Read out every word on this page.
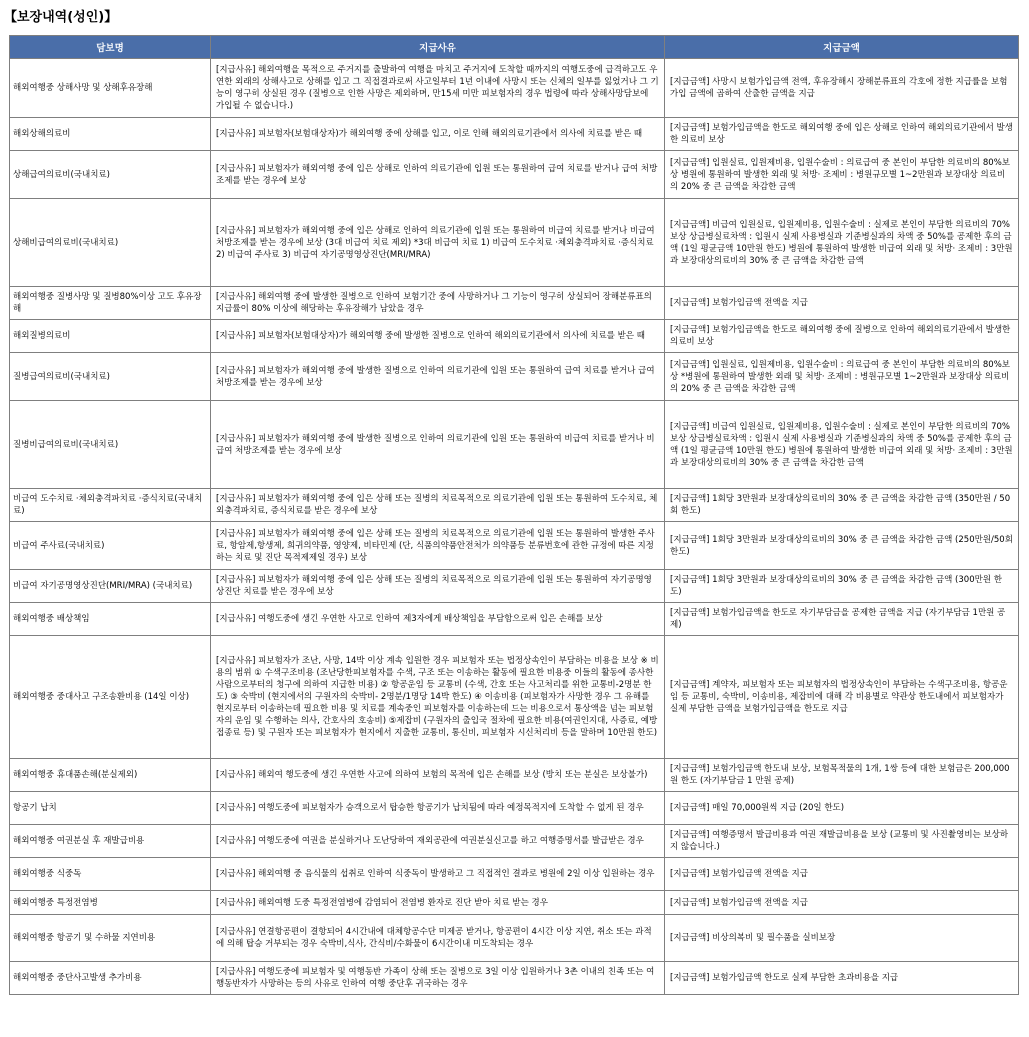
【보장내역(성인)】
담보명	지급사유	지급금액
해외여행중 상해사망 및 상해후유장해	[지급사유] 해외여행을 목적으로 주거지를 출발하여 여행을 마치고 주거지에 도착할 때까지의 여행도중에 급격하고도 우연한 외래의 상해사고로 상해를 입고 그 직접결과로써 사고일부터 1년 이내에 사망시 또는 신체의 일부를 잃었거나 그 기능이 영구히 상실된 경우 (질병으로 인한 사망은 제외하며, 만15세 미만 피보험자의 경우 법령에 따라 상해사망담보에 가입될 수 없습니다.)	[지급금액] 사망시 보험가입금액 전액, 후유장해시 장해분류표의 각호에 정한 지급률을 보험가입 금액에 곱하여 산출한 금액을 지급
해외상해의료비	[지급사유] 피보험자(보험대상자)가 해외여행 중에 상해를 입고, 이로 인해 해외의료기관에서 의사에 치료를 받은 때	[지급금액] 보험가입금액을 한도로 해외여행 중에 입은 상해로 인하여 해외의료기관에서 발생한 의료비 보상
상해급여의료비(국내치료)	[지급사유] 피보험자가 해외여행 중에 입은 상해로 인하여 의료기관에 입원 또는 통원하여 급여 치료를 받거나 급여 처방조제를 받는 경우에 보상	[지급금액] 입원실료, 입원제비용, 입원수술비 : 의료급여 중 본인이 부담한 의료비의 80%보상 병원에 통원하여 발생한 외래 및 처방· 조제비 : 병원규모별 1~2만원과 보장대상 의료비의 20% 중 큰 금액을 차감한 금액
상해비급여의료비(국내치료)	[지급사유] 피보험자가 해외여행 중에 입은 상해로 인하여 의료기관에 입원 또는 통원하여 비급여 치료를 받거나 비급여 처방조제를 받는 경우에 보상 (3대 비급여 치료 제외) *3대 비급여 치료 1) 비급여 도수치료 ·체외충격파치료 ·증식치료 2) 비급여 주사료 3) 비급여 자기공명영상진단(MRI/MRA)	[지급금액] 비급여 입원실료, 입원제비용, 입원수술비 : 실제로 본인이 부담한 의료비의 70%보상 상급병실료차액 : 입원시 실제 사용병실과 기준병실과의 차액 중 50%를 공제한 후의 금액 (1일 평균금액 10만원 한도) 병원에 통원하여 발생한 비급여 외래 및 처방· 조제비 : 3만원과 보장대상의료비의 30% 중 큰 금액을 차감한 금액
해외여행중 질병사망 및 질병80%이상 고도 후유장해	[지급사유] 해외여행 중에 발생한 질병으로 인하여 보험기간 중에 사망하거나 그 기능이 영구히 상실되어 장해분류표의 지급률이 80% 이상에 해당하는 후유장해가 남았을 경우	[지급금액] 보험가입금액 전액을 지급
해외질병의료비	[지급사유] 피보험자(보험대상자)가 해외여행 중에 발생한 질병으로 인하여 해외의료기관에서 의사에 치료를 받은 때	[지급금액] 보험가입금액을 한도로 해외여행 중에 질병으로 인하여 해외의료기관에서 발생한 의료비 보상
질병급여의료비(국내치료)	[지급사유] 피보험자가 해외여행 중에 발생한 질병으로 인하여 의료기관에 입원 또는 통원하여 급여 치료를 받거나 급여 처방조제를 받는 경우에 보상	[지급금액] 입원실료, 입원제비용, 입원수술비 : 의료급여 중 본인이 부담한 의료비의 80%보상 *병원에 통원하여 발생한 외래 및 처방· 조제비 : 병원규모별 1~2만원과 보장대상 의료비의 20% 중 큰 금액을 차감한 금액
질병비급여의료비(국내치료)	[지급사유] 피보험자가 해외여행 중에 발생한 질병으로 인하여 의료기관에 입원 또는 통원하여 비급여 치료를 받거나 비급여 처방조제를 받는 경우에 보상	[지급금액] 비급여 입원실료, 입원제비용, 입원수술비 : 실제로 본인이 부담한 의료비의 70%보상 상급병실료차액 : 입원시 실제 사용병실과 기준병실과의 차액 중 50%를 공제한 후의 금액 (1일 평균금액 10만원 한도) 병원에 통원하여 발생한 비급여 외래 및 처방· 조제비 : 3만원과 보장대상의료비의 30% 중 큰 금액을 차감한 금액
비급여 도수치료 ·체외충격파치료 ·증식치료(국내치료)	[지급사유] 피보험자가 해외여행 중에 입은 상해 또는 질병의 치료목적으로 의료기관에 입원 또는 통원하여 도수치료, 체외충격파치료, 증식치료를 받은 경우에 보상	[지급금액] 1회당 3만원과 보장대상의료비의 30% 중 큰 금액을 차감한 금액 (350만원 / 50회 한도)
비급여 주사료(국내치료)	[지급사유] 피보험자가 해외여행 중에 입은 상해 또는 질병의 치료목적으로 의료기관에 입원 또는 통원하여 발생한 주사료, 항암제,항생제, 희귀의약품, 영양제, 비타민제 (단, 식품의약품안전처가 의약품등 분류번호에 관한 규정에 따른 지정하는 치료 및 진단 목적제제일 경우) 보상	[지급금액] 1회당 3만원과 보장대상의료비의 30% 중 큰 금액을 차감한 금액 (250만원/50회 한도)
비급여 자기공명영상진단(MRI/MRA) (국내치료)	[지급사유] 피보험자가 해외여행 중에 입은 상해 또는 질병의 치료목적으로 의료기관에 입원 또는 통원하여 자기공명영상진단 치료를 받은 경우에 보상	[지급금액] 1회당 3만원과 보장대상의료비의 30% 중 큰 금액을 차감한 금액 (300만원 한도)
해외여행중 배상책임	[지급사유] 여행도중에 생긴 우연한 사고로 인하여 제3자에게 배상책임을 부담함으로써 입은 손해를 보상	[지급금액] 보험가입금액을 한도로 자기부담금을 공제한 금액을 지급 (자기부담금 1만원 공제)
해외여행중 중대사고 구조송환비용 (14일 이상)	[지급사유] 피보험자가 조난, 사망, 14박 이상 계속 입원한 경우 피보험자 또는 법정상속인이 부담하는 비용을 보상 ※ 비용의 범위 ① 수색구조비용 (조난당한피보험자를 수색, 구조 또는 이송하는 활동에 필요한 비용중 이들의 활동에 종사한 사람으로부터의 청구에 의하여 지급한 비용) ② 항공운임 등 교통비 (수색, 간호 또는 사고처리를 위한 교통비-2명분 한도) ③ 숙박비 (현지에서의 구원자의 숙박비- 2명분/1명당 14박 한도) ④ 이송비용 (피보험자가 사망한 경우 그 유해를 현지로부터 이송하는데 필요한 비용 및 치료를 계속중인 피보험자를 이송하는데 드는 비용으로서 통상액을 넘는 피보험자의 운임 및 수행하는 의사, 간호사의 호송비) ⑤제잡비 (구원자의 출입국 절차에 필요한 비용(여권인지대, 사증료, 예방접종료 등) 및 구원자 또는 피보험자가 현지에서 지출한 교통비, 통신비, 피보험자 시신처리비 등을 말하며 10만원 한도)	[지급금액] 계약자, 피보험자 또는 피보험자의 법정상속인이 부담하는 수색구조비용, 항공운임 등 교통비, 숙박비, 이송비용, 제잡비에 대해 각 비용별로 약관상 한도내에서 피보험자가 실제 부담한 금액을 보험가입금액을 한도로 지급
해외여행중 휴대품손해(분실제외)	[지급사유] 해외여 행도중에 생긴 우연한 사고에 의하여 보험의 목적에 입은 손해를 보상 (방치 또는 분실은 보상불가)	[지급금액] 보험가입금액 한도내 보상, 보험목적물의 1개, 1쌍 등에 대한 보험금은 200,000원 한도 (자기부담금 1 만원 공제)
항공기 납치	[지급사유] 여행도중에 피보험자가 승객으로서 탑승한 항공기가 납치됨에 따라 예정목적지에 도착할 수 없게 된 경우	[지급금액] 매일 70,000원씩 지급 (20일 한도)
해외여행중 여권분실 후 재발급비용	[지급사유] 여행도중에 여권을 분실하거나 도난당하여 재외공관에 여권분실신고를 하고 여행증명서를 발급받은 경우	[지급금액] 여행증명서 발급비용과 여권 재발급비용을 보상 (교통비 및 사진촬영비는 보상하지 않습니다.)
해외여행중 식중독	[지급사유] 해외여행 중 음식물의 섭취로 인하여 식중독이 발생하고 그 직접적인 결과로 병원에 2일 이상 입원하는 경우	[지급금액] 보험가입금액 전액을 지급
해외여행중 특정전염병	[지급사유] 해외여행 도중 특정전염병에 감염되어 전염병 환자로 진단 받아 치료 받는 경우	[지급금액] 보험가입금액 전액을 지급
해외여행중 항공기 및 수하물 지연비용	[지급사유] 연결항공편이 결항되어 4시간내에 대체항공수단 미제공 받거나, 항공편이 4시간 이상 지연, 취소 또는 과적에 의해 탑승 거부되는 경우 숙박비,식사, 간식비/수화물이 6시간이내 미도착되는 경우	[지급금액] 비상의복비 및 필수품을 실비보장
해외여행중 중단사고발생 추가비용	[지급사유] 여행도중에 피보험자 및 여행동반 가족이 상해 또는 질병으로 3일 이상 입원하거나 3촌 이내의 친족 또는 여행동반자가 사망하는 등의 사유로 인하여 여행 중단후 귀국하는 경우	[지급금액] 보험가입금액 한도로 실제 부담한 초과비용을 지급
